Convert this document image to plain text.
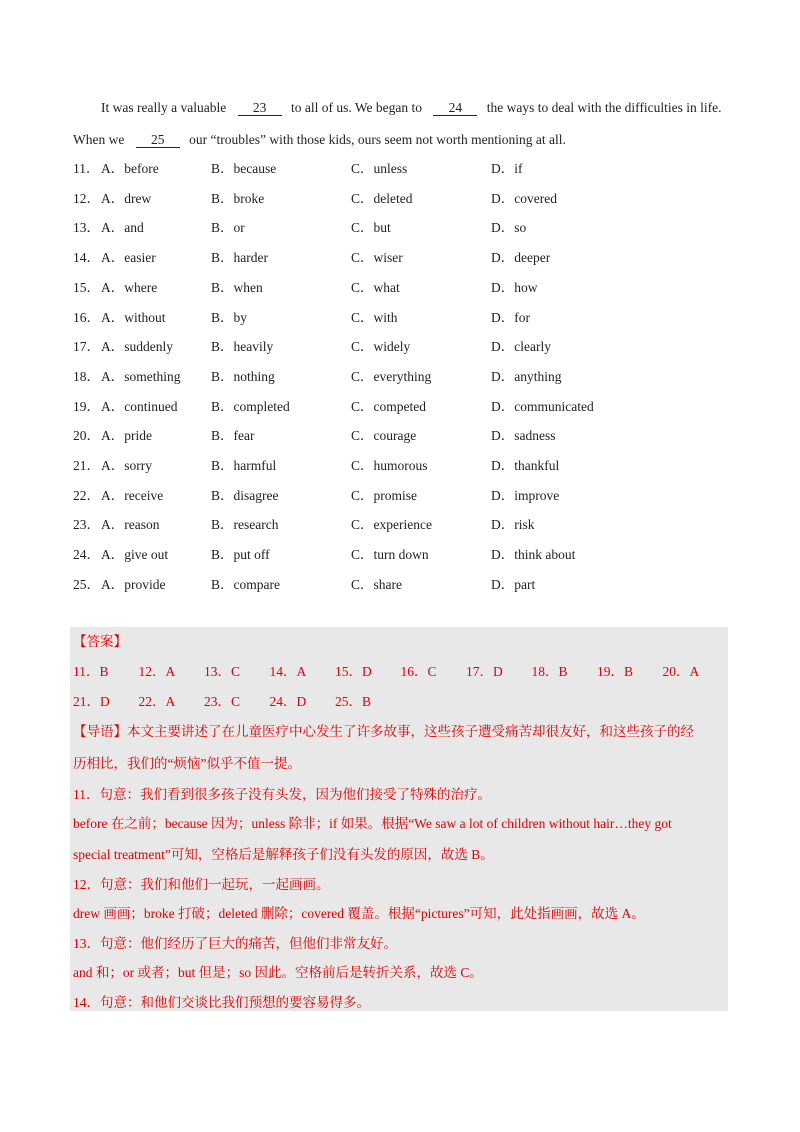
It was really a valuable 23 to all of us. We began to 24 the ways to deal with the difficulties in life.
When we 25 our “troubles” with those kids, ours seem not worth mentioning at all.
11． A．before	B．because	C．unless	D．if
12． A．drew	B．broke	C．deleted	D．covered
13． A．and	B．or	C．but	D．so
14． A．easier	B．harder	C．wiser	D．deeper
15． A．where	B．when	C．what	D．how
16． A．without	B．by	C．with	D．for
17． A．suddenly	B．heavily	C．widely	D．clearly
18． A．something B．nothing	C．everything	D．anything
19． A．continued B．completed	C．competed	D．communicated
20． A．pride	B．fear	C．courage	D．sadness
21． A．sorry	B．harmful	C．humorous	D．thankful
22． A．receive	B．disagree	C．promise	D．improve
23． A．reason	B．research	C．experience	D．risk
24． A．give out	B．put off	C．turn down	D．think about
25． A．provide	B．compare	C．share	D．part
【答案】
11．B 12．A 13．C 14．A 15．D 16．C 17．D 18．B 19．B 20．A
21．D 22．A 23．C 24．D 25．B
【导语】本文主要讲述了在儿童医疗中心发生了许多故事，这些孩子遭受痛苦却很友好，和这些孩子的经
历相比，我们的“烦恼”似乎不值一提。
11．句意：我们看到很多孩子没有头发，因为他们接受了特殊的治疗。
before 在之前；because 因为；unless 除非；if 如果。根据“We saw a lot of children without hair…they got
special treatment”可知，空格后是解释孩子们没有头发的原因，故选 B。
12．句意：我们和他们一起玩，一起画画。
drew 画画；broke 打破；deleted 删除；covered 覆盖。根据“pictures”可知，此处指画画，故选 A。
13．句意：他们经历了巨大的痛苦，但他们非常友好。
and 和；or 或者；but 但是；so 因此。空格前后是转折关系，故选 C。
14．句意：和他们交谈比我们预想的要容易得多。
